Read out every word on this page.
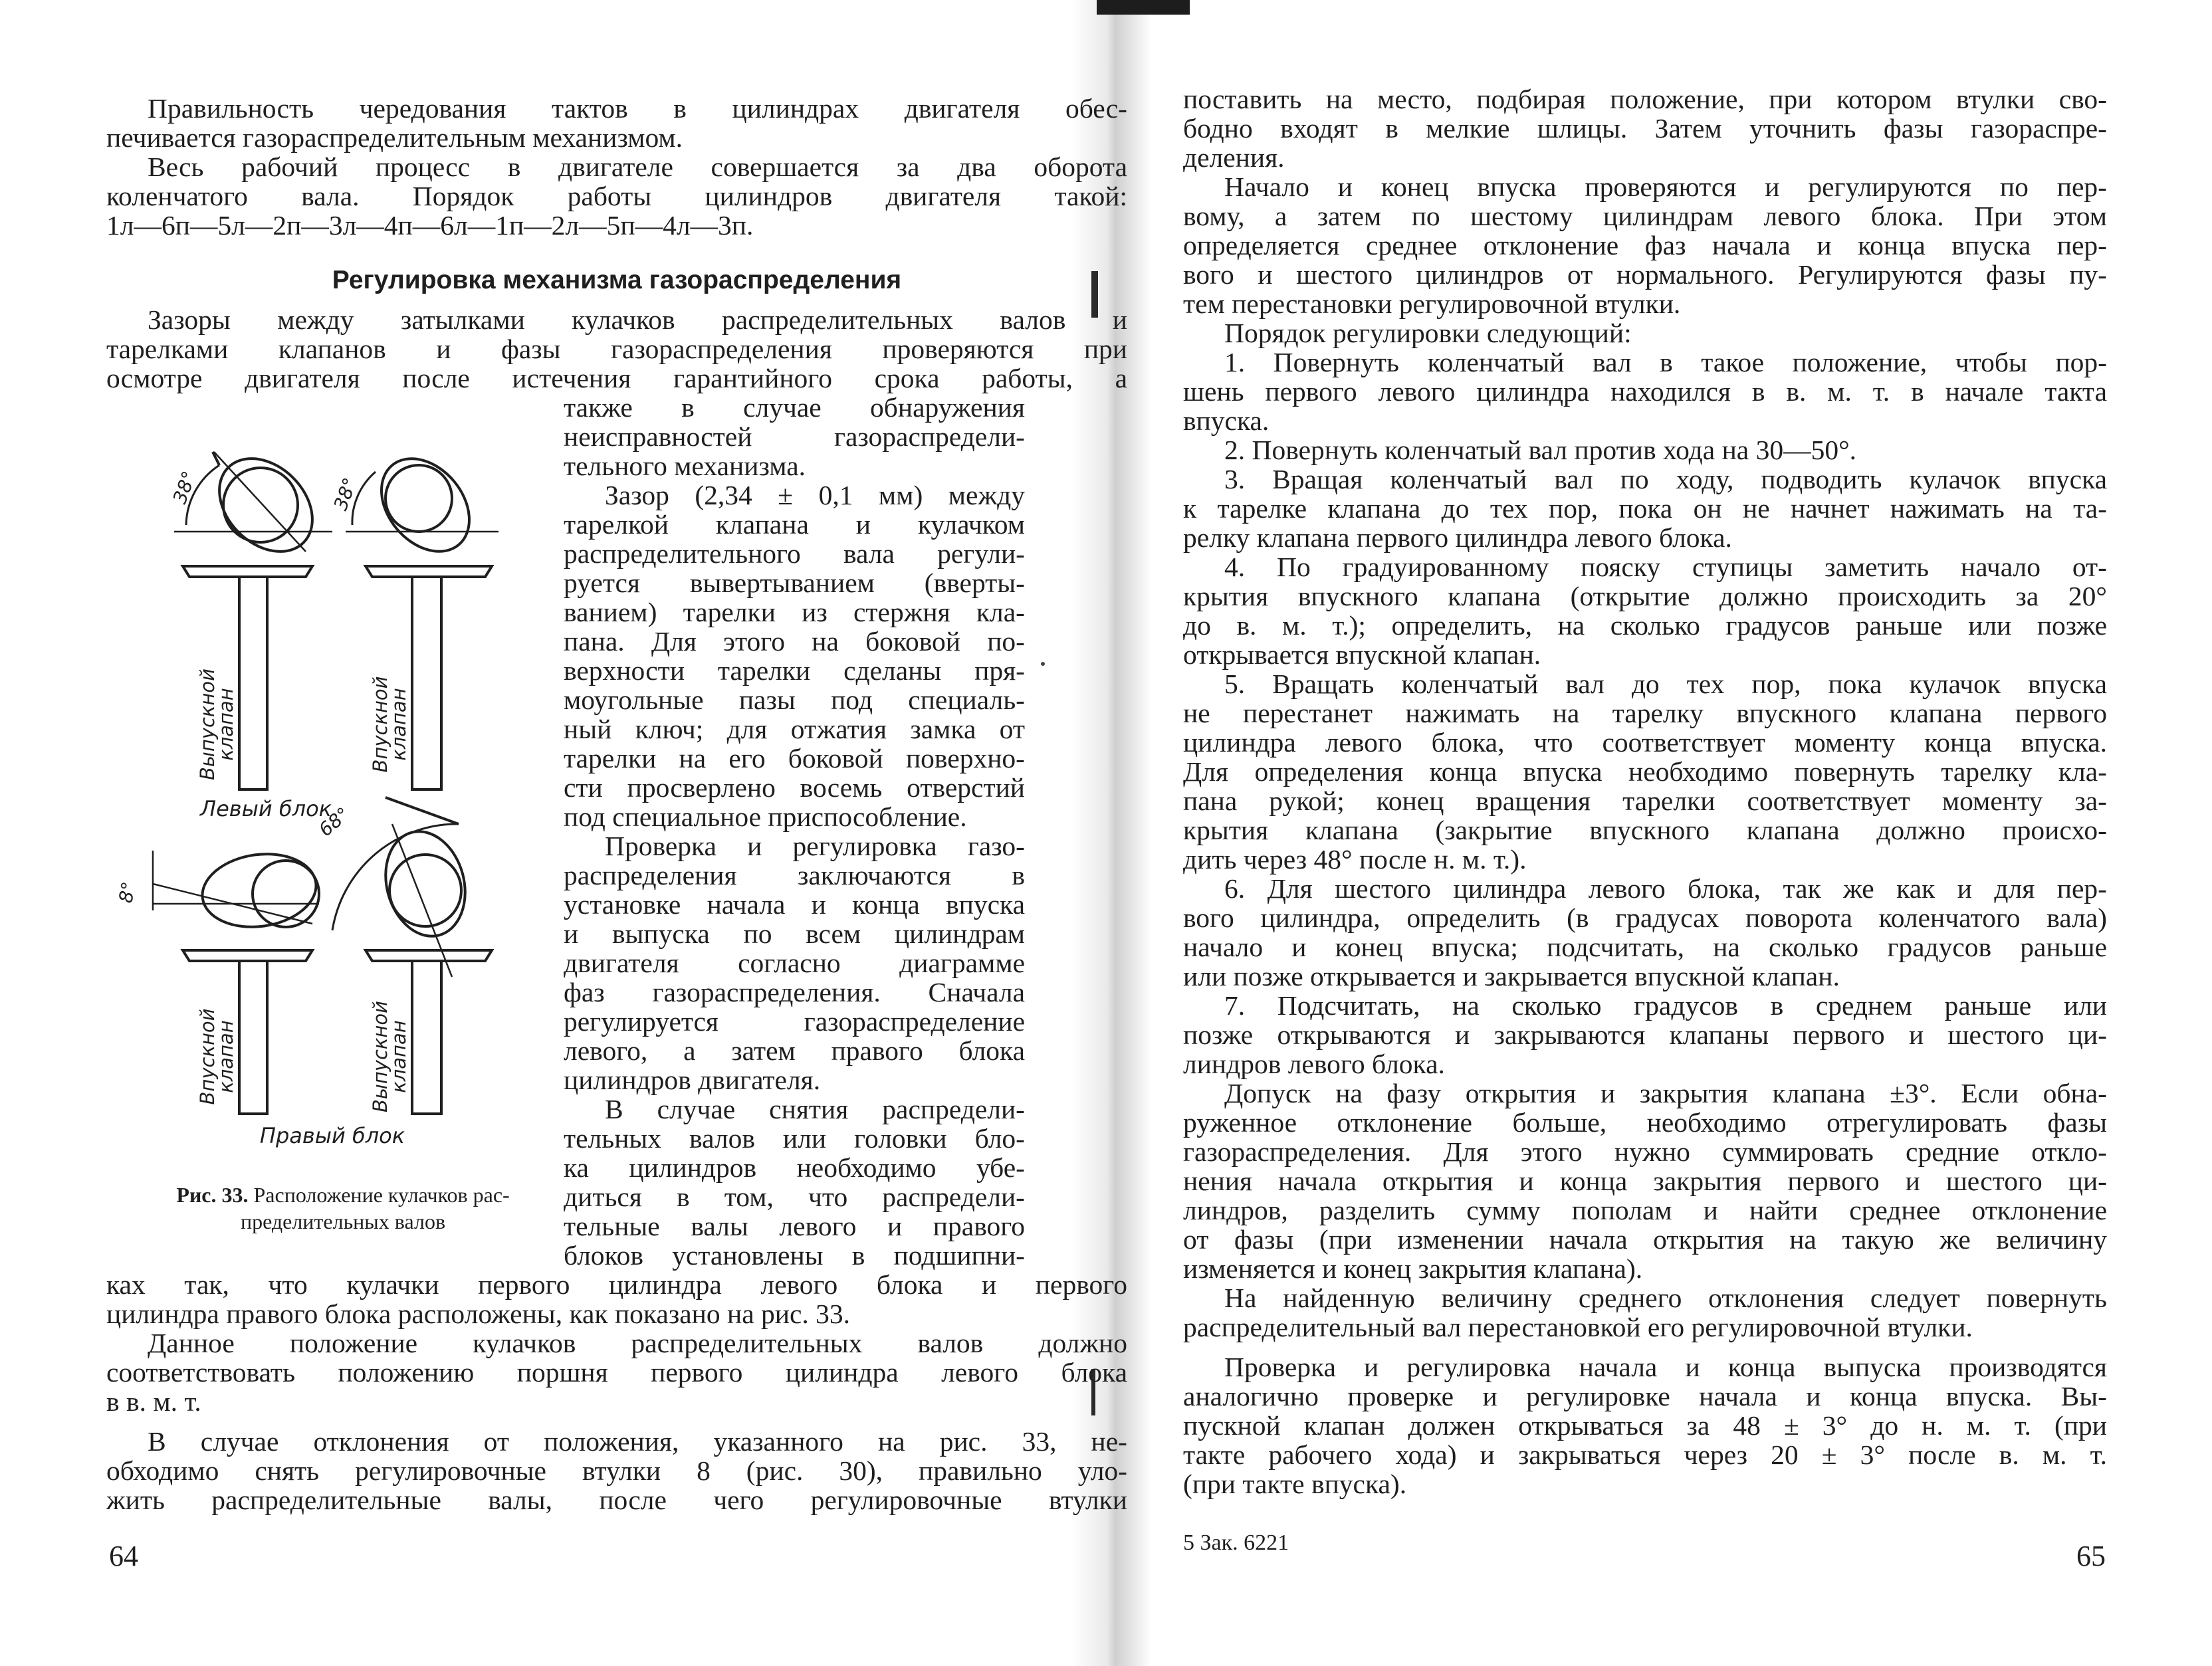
Правильность чередования тактов в цилиндрах двигателя обес-

печивается газораспределительным механизмом.

Весь рабочий процесс в двигателе совершается за два оборота

коленчатого вала. Порядок работы цилиндров двигателя такой:

1л—6п—5л—2п—3л—4п—6л—1п—2л—5п—4л—3п.

Регулировка механизма газораспределения

Зазоры между затылками кулачков распределительных валов и

тарелками клапанов и фазы газораспределения проверяются при

осмотре двигателя после истечения гарантийного срока работы, а

также в случае обнаружения

неисправностей газораспредели-

тельного механизма.

Зазор (2,34 ± 0,1 мм) между

тарелкой клапана и кулачком

распределительного вала регули-

руется вывертыванием (вверты-

ванием) тарелки из стержня кла-

пана. Для этого на боковой по-

верхности тарелки сделаны пря-

моугольные пазы под специаль-

ный ключ; для отжатия замка от

тарелки на его боковой поверхно-

сти просверлено восемь отверстий

под специальное приспособление.

Проверка и регулировка газо-

распределения заключаются в

установке начала и конца впуска

и выпуска по всем цилиндрам

двигателя согласно диаграмме

фаз газораспределения. Сначала

регулируется газораспределение

левого, а затем правого блока

цилиндров двигателя.

В случае снятия распредели-

тельных валов или головки бло-

ка цилиндров необходимо убе-

диться в том, что распредели-

тельные валы левого и правого

блоков установлены в подшипни-

38°	38°
68°
8°
Выпускной
клапан	Впускной
клапан
Левый блок
Впускной
клапан	Выпускной
клапан
Правый блок
Рис. 33. Расположение кулачков рас-
пределительных валов

ках так, что кулачки первого цилиндра левого блока и первого

цилиндра правого блока расположены, как показано на рис. 33.

Данное положение кулачков распределительных валов должно

соответствовать положению поршня первого цилиндра левого блока

в в. м. т.

В случае отклонения от положения, указанного на рис. 33, не-

обходимо снять регулировочные втулки 8 (рис. 30), правильно уло-

жить распределительные валы, после чего регулировочные втулки

64

поставить на место, подбирая положение, при котором втулки сво-

бодно входят в мелкие шлицы. Затем уточнить фазы газораспре-

деления.

Начало и конец впуска проверяются и регулируются по пер-

вому, а затем по шестому цилиндрам левого блока. При этом

определяется среднее отклонение фаз начала и конца впуска пер-

вого и шестого цилиндров от нормального. Регулируются фазы пу-

тем перестановки регулировочной втулки.

Порядок регулировки следующий:

1. Повернуть коленчатый вал в такое положение, чтобы пор-

шень первого левого цилиндра находился в в. м. т. в начале такта

впуска.

2. Повернуть коленчатый вал против хода на 30—50°.

3. Вращая коленчатый вал по ходу, подводить кулачок впуска

к тарелке клапана до тех пор, пока он не начнет нажимать на та-

релку клапана первого цилиндра левого блока.

4. По градуированному пояску ступицы заметить начало от-

крытия впускного клапана (открытие должно происходить за 20°

до в. м. т.); определить, на сколько градусов раньше или позже

открывается впускной клапан.

5. Вращать коленчатый вал до тех пор, пока кулачок впуска

не перестанет нажимать на тарелку впускного клапана первого

цилиндра левого блока, что соответствует моменту конца впуска.

Для определения конца впуска необходимо повернуть тарелку кла-

пана рукой; конец вращения тарелки соответствует моменту за-

крытия клапана (закрытие впускного клапана должно происхо-

дить через 48° после н. м. т.).

6. Для шестого цилиндра левого блока, так же как и для пер-

вого цилиндра, определить (в градусах поворота коленчатого вала)

начало и конец впуска; подсчитать, на сколько градусов раньше

или позже открывается и закрывается впускной клапан.

7. Подсчитать, на сколько градусов в среднем раньше или

позже открываются и закрываются клапаны первого и шестого ци-

линдров левого блока.

Допуск на фазу открытия и закрытия клапана ±3°. Если обна-

руженное отклонение больше, необходимо отрегулировать фазы

газораспределения. Для этого нужно суммировать средние откло-

нения начала открытия и конца закрытия первого и шестого ци-

линдров, разделить сумму пополам и найти среднее отклонение

от фазы (при изменении начала открытия на такую же величину

изменяется и конец закрытия клапана).

На найденную величину среднего отклонения следует повернуть

распределительный вал перестановкой его регулировочной втулки.

Проверка и регулировка начала и конца выпуска производятся

аналогично проверке и регулировке начала и конца впуска. Вы-

пускной клапан должен открываться за 48 ± 3° до н. м. т. (при

такте рабочего хода) и закрываться через 20 ± 3° после в. м. т.

(при такте впуска).

5 Зак. 6221	65
